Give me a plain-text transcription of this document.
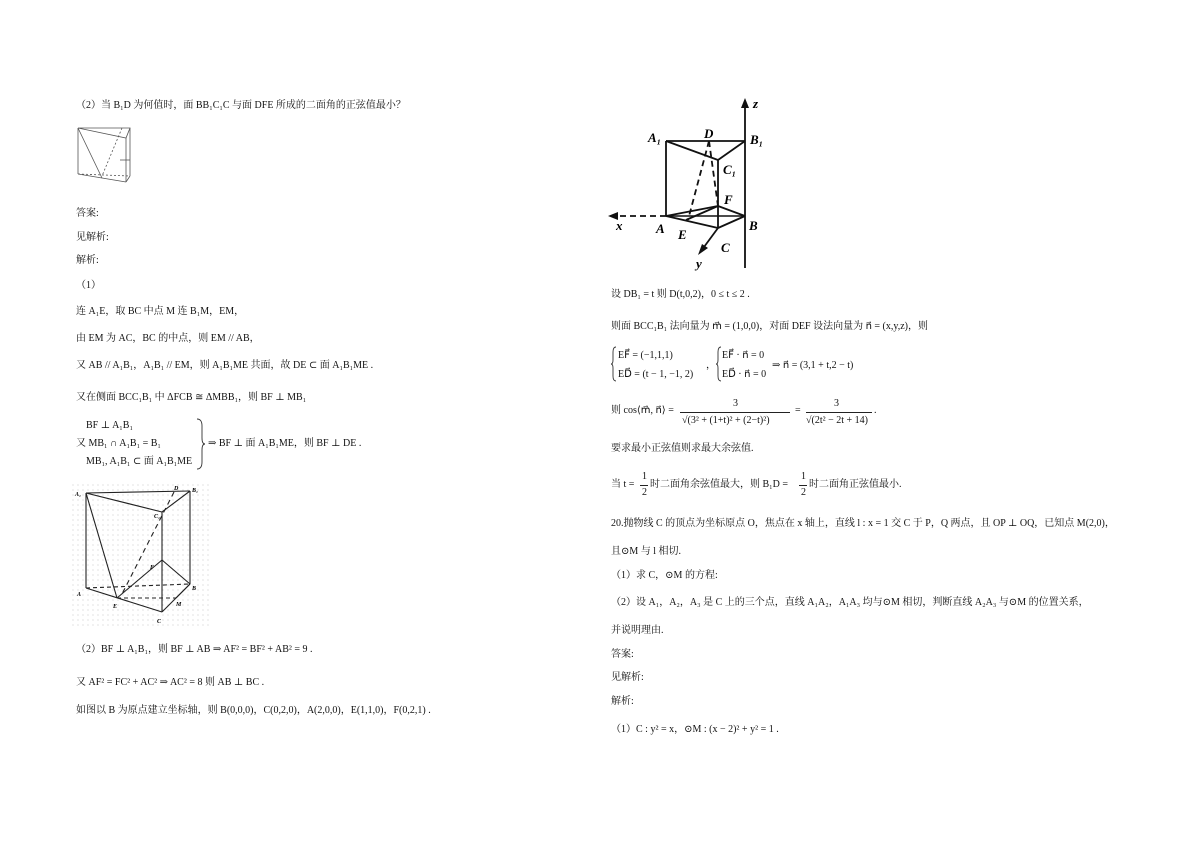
（2）当 B₁D 为何值时，面 BB₁C₁C 与面 DFE 所成的二面角的正弦值最小？
答案:
见解析:
解析:
（1）
连 A₁E，取 BC 中点 M 连 B₁M，EM，
由 EM 为 AC，BC 的中点，则 EM // AB，
又 AB // A₁B₁，A₁B₁ // EM，则 A₁B₁ME 共面，故 DE ⊂ 面 A₁B₁ME .
又在侧面 BCC₁B₁ 中 ΔFCB ≅ ΔMBB₁，则 BF ⊥ MB₁
BF ⊥ A₁B₁
又 MB₁ ∩ A₁B₁ = B₁
MB₁, A₁B₁ ⊂ 面 A₁B₁ME
⇒ BF ⊥ 面 A₁B₁ME，则 BF ⊥ DE .
A₁
D B₁
C₁
F
A
B
E	M
C
（2）BF ⊥ A₁B₁，则 BF ⊥ AB ⇒ AF² = BF² + AB² = 9 .
又 AF² = FC² + AC² ⇒ AC² = 8 则 AB ⊥ BC .
如图以 B 为原点建立坐标轴，则 B(0,0,0)，C(0,2,0)，A(2,0,0)，E(1,1,0)，F(0,2,1) .
z
A₁	D	B₁
C₁
F
x	A E
B
C
y
设 DB₁ = t 则 D(t,0,2)，0 ≤ t ≤ 2 .
则面 BCC₁B₁ 法向量为 m⃗ = (1,0,0)，对面 DEF 设法向量为 n⃗ = (x,y,z)，则
EF⃗ = (−1,1,1)
ED⃗ = (t − 1, −1, 2)
，
EF⃗ · n⃗ = 0
ED⃗ · n⃗ = 0
⇒ n⃗ = (3,1 + t,2 − t)
则 cos⟨m⃗, n⃗⟩ =
3
√(3² + (1+t)² + (2−t)²)
=
3
√(2t² − 2t + 14)
.
要求最小正弦值则求最大余弦值.
当 t =
1
2
时二面角余弦值最大，则 B₁D =
1
2
时二面角正弦值最小.
20.抛物线 C 的顶点为坐标原点 O，焦点在 x 轴上，直线 l : x = 1 交 C 于 P，Q 两点，且 OP ⊥ OQ，已知点 M(2,0)，
且⊙M 与 l 相切.
（1）求 C，⊙M 的方程:
（2）设 A₁，A₂，A₃ 是 C 上的三个点，直线 A₁A₂，A₁A₃ 均与⊙M 相切，判断直线 A₂A₃ 与⊙M 的位置关系，
并说明理由.
答案:
见解析:
解析:
（1）C : y² = x，⊙M : (x − 2)² + y² = 1 .
